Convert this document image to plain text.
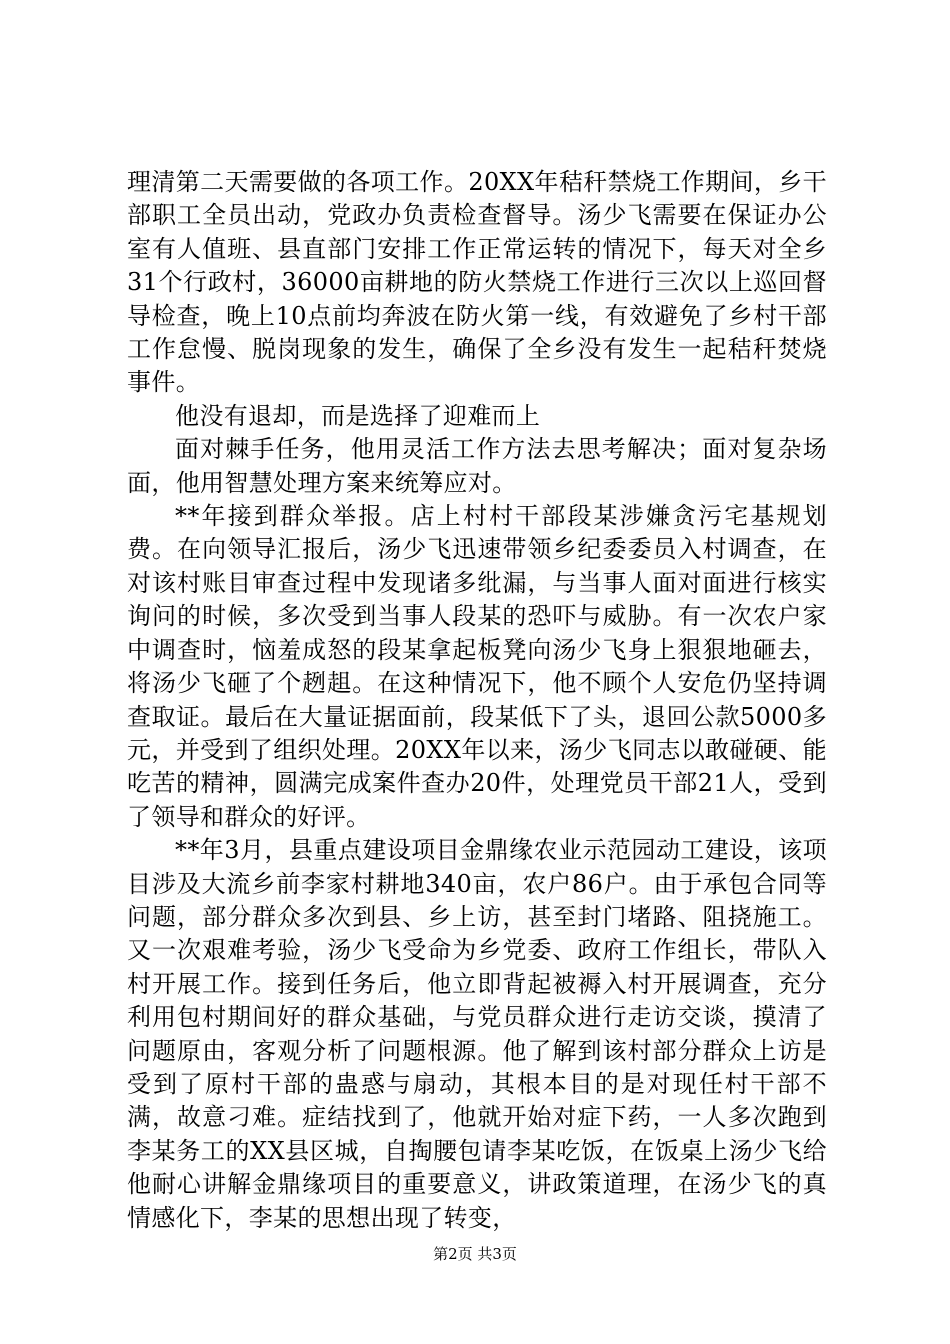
理清第二天需要做的各项工作。20XX年秸秆禁烧工作期间，乡干部职工全员出动，党政办负责检查督导。汤少飞需要在保证办公室有人值班、县直部门安排工作正常运转的情况下，每天对全乡31个行政村，36000亩耕地的防火禁烧工作进行三次以上巡回督导检查，晚上10点前均奔波在防火第一线，有效避免了乡村干部工作怠慢、脱岗现象的发生，确保了全乡没有发生一起秸秆焚烧事件。

他没有退却，而是选择了迎难而上

面对棘手任务，他用灵活工作方法去思考解决；面对复杂场面，他用智慧处理方案来统筹应对。

**年接到群众举报。店上村村干部段某涉嫌贪污宅基规划费。在向领导汇报后，汤少飞迅速带领乡纪委委员入村调查，在对该村账目审查过程中发现诸多纰漏，与当事人面对面进行核实询问的时候，多次受到当事人段某的恐吓与威胁。有一次农户家中调查时，恼羞成怒的段某拿起板凳向汤少飞身上狠狠地砸去，将汤少飞砸了个趔趄。在这种情况下，他不顾个人安危仍坚持调查取证。最后在大量证据面前，段某低下了头，退回公款5000多元，并受到了组织处理。20XX年以来，汤少飞同志以敢碰硬、能吃苦的精神，圆满完成案件查办20件，处理党员干部21人，受到了领导和群众的好评。

**年3月，县重点建设项目金鼎缘农业示范园动工建设，该项目涉及大流乡前李家村耕地340亩，农户86户。由于承包合同等问题，部分群众多次到县、乡上访，甚至封门堵路、阻挠施工。又一次艰难考验，汤少飞受命为乡党委、政府工作组长，带队入村开展工作。接到任务后，他立即背起被褥入村开展调查，充分利用包村期间好的群众基础，与党员群众进行走访交谈，摸清了问题原由，客观分析了问题根源。他了解到该村部分群众上访是受到了原村干部的蛊惑与扇动，其根本目的是对现任村干部不满，故意刁难。症结找到了，他就开始对症下药，一人多次跑到李某务工的XX县区城，自掏腰包请李某吃饭，在饭桌上汤少飞给他耐心讲解金鼎缘项目的重要意义，讲政策道理，在汤少飞的真情感化下，李某的思想出现了转变，

第2页 共3页
